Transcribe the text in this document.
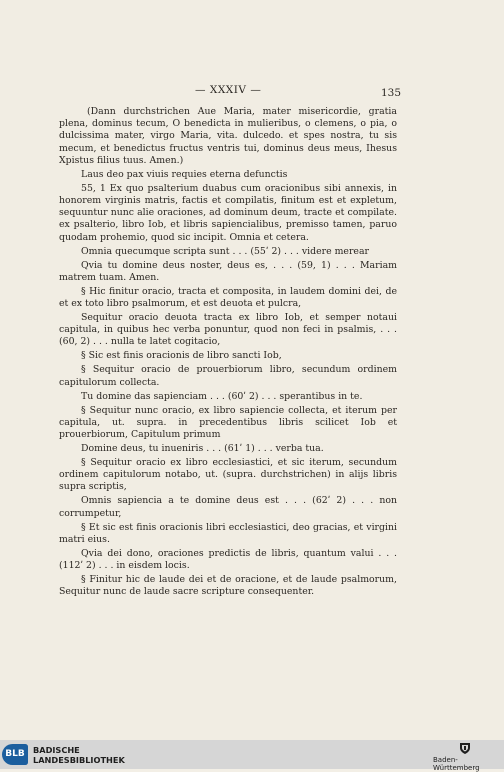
— XXXIV —	135

(Dann durchstrichen Aue Maria, mater misericordie, gratia plena, dominus tecum, O benedicta in mulieribus, o clemens, o pia, o dulcissima mater, virgo Maria, vita. dulcedo. et spes nostra, tu sis mecum, et benedictus fructus ventris tui, dominus deus meus, Ihesus Xpistus filius tuus. Amen.)

Laus deo pax viuis requies eterna defunctis

55, 1 Ex quo psalterium duabus cum oracionibus sibi annexis, in honorem virginis matris, factis et compilatis, finitum est et expletum, sequuntur nunc alie oraciones, ad dominum deum, tracte et compilate. ex psalterio, libro Iob, et libris sapiencialibus, premisso tamen, paruo quodam prohemio, quod sic incipit. Omnia et cetera.

Omnia quecumque scripta sunt . . . (55ʹ 2) . . . videre merear

Qvia tu domine deus noster, deus es, . . . (59, 1) . . . Mariam matrem tuam. Amen.

§ Hic finitur oracio, tracta et composita, in laudem domini dei, de et ex toto libro psalmorum, et est deuota et pulcra,

Sequitur oracio deuota tracta ex libro Iob, et semper notaui capitula, in quibus hec verba ponuntur, quod non feci in psalmis, . . . (60, 2) . . . nulla te latet cogitacio,

§ Sic est finis oracionis de libro sancti Iob,

§ Sequitur oracio de prouerbiorum libro, secundum ordinem capitulorum collecta.

Tu domine das sapienciam . . . (60ʹ 2) . . . sperantibus in te.

§ Sequitur nunc oracio, ex libro sapiencie collecta, et iterum per capitula, ut. supra. in precedentibus libris scilicet Iob et prouerbiorum, Capitulum primum

Domine deus, tu inueniris . . . (61ʹ 1) . . . verba tua.

§ Sequitur oracio ex libro ecclesiastici, et sic iterum, secundum ordinem capitulorum notabo, ut. (supra. durchstrichen) in alijs libris supra scriptis,

Omnis sapiencia a te domine deus est . . . (62ʹ 2) . . . non corrumpetur,

§ Et sic est finis oracionis libri ecclesiastici, deo gracias, et virgini matri eius.

Qvia dei dono, oraciones predictis de libris, quantum valui . . . (112ʹ 2) . . . in eisdem locis.

§ Finitur hic de laude dei et de oracione, et de laude psalmorum, Sequitur nunc de laude sacre scripture consequenter.

BLB	BADISCHE
LANDESBIBLIOTHEK	Baden-Württemberg
